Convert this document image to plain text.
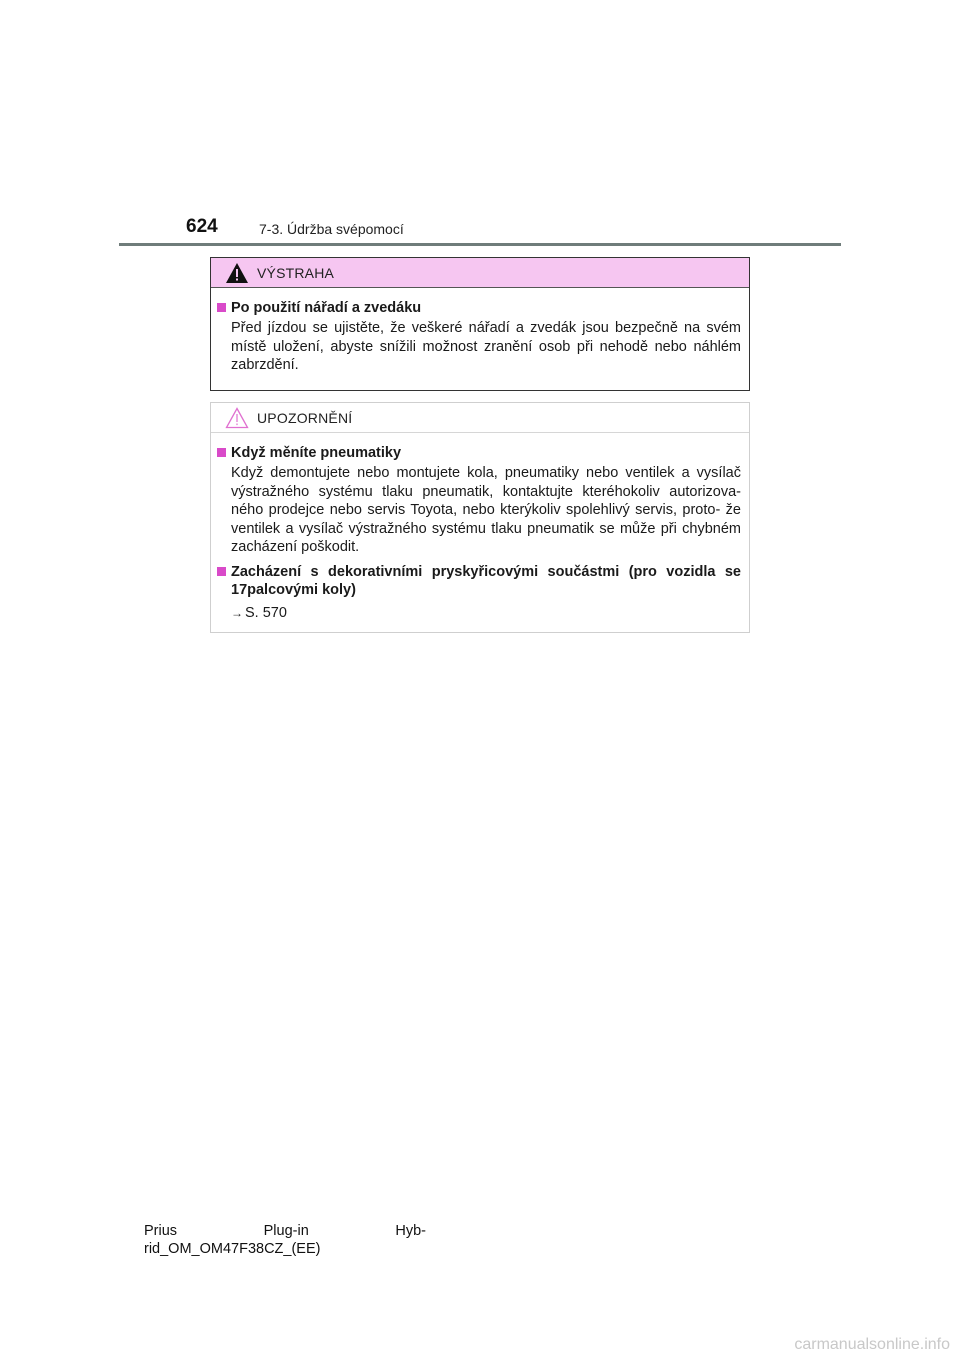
624	7-3. Údržba svépomocí
VÝSTRAHA
Po použití nářadí a zvedáku
Před jízdou se ujistěte, že veškeré nářadí a zvedák jsou bezpečně na svém místě uložení, abyste snížili možnost zranění osob při nehodě nebo náhlém zabrzdění.
UPOZORNĚNÍ
Když měníte pneumatiky
Když demontujete nebo montujete kola, pneumatiky nebo ventilek a vysílač výstražného systému tlaku pneumatik, kontaktujte kteréhokoliv autorizova- ného prodejce nebo servis Toyota, nebo kterýkoliv spolehlivý servis, proto- že ventilek a vysílač výstražného systému tlaku pneumatik se může při chybném zacházení poškodit.
Zacházení s dekorativními pryskyřicovými součástmi (pro vozidla se 17palcovými koly)
→ S. 570
Prius	Plug-in	Hyb-
rid_OM_OM47F38CZ_(EE)
carmanualsonline.info
